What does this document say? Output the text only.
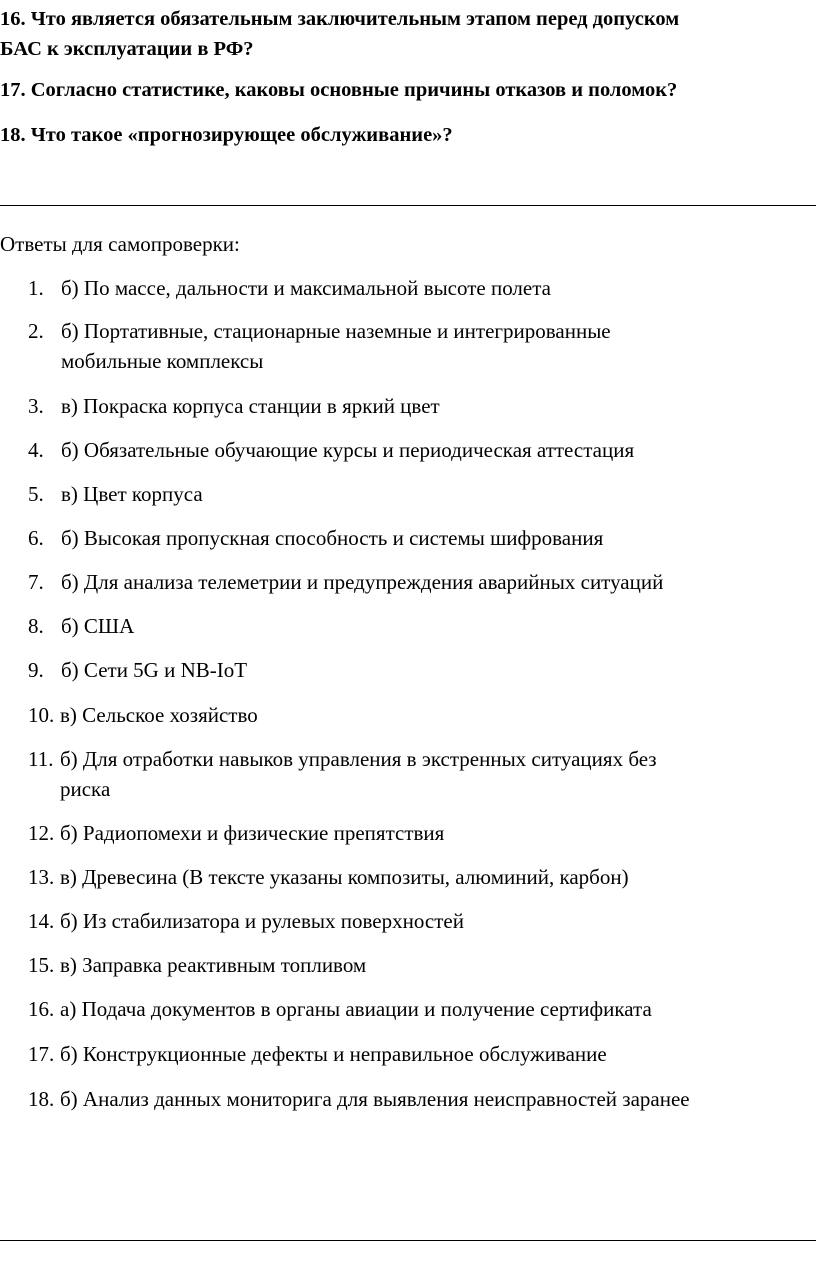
16. Что является обязательным заключительным этапом перед допуском
БАС к эксплуатации в РФ?
17. Согласно статистике, каковы основные причины отказов и поломок?
18. Что такое «прогнозирующее обслуживание»?
Ответы для самопроверки:
1. б) По массе, дальности и максимальной высоте полета
2. б) Портативные, стационарные наземные и интегрированные
мобильные комплексы
3. в) Покраска корпуса станции в яркий цвет
4. б) Обязательные обучающие курсы и периодическая аттестация
5. в) Цвет корпуса
6. б) Высокая пропускная способность и системы шифрования
7. б) Для анализа телеметрии и предупреждения аварийных ситуаций
8. б) США
9. б) Сети 5G и NB-IoT
10. в) Сельское хозяйство
11. б) Для отработки навыков управления в экстренных ситуациях без
риска
12. б) Радиопомехи и физические препятствия
13. в) Древесина (В тексте указаны композиты, алюминий, карбон)
14. б) Из стабилизатора и рулевых поверхностей
15. в) Заправка реактивным топливом
16. а) Подача документов в органы авиации и получение сертификата
17. б) Конструкционные дефекты и неправильное обслуживание
18. б) Анализ данных мониторига для выявления неисправностей заранее
